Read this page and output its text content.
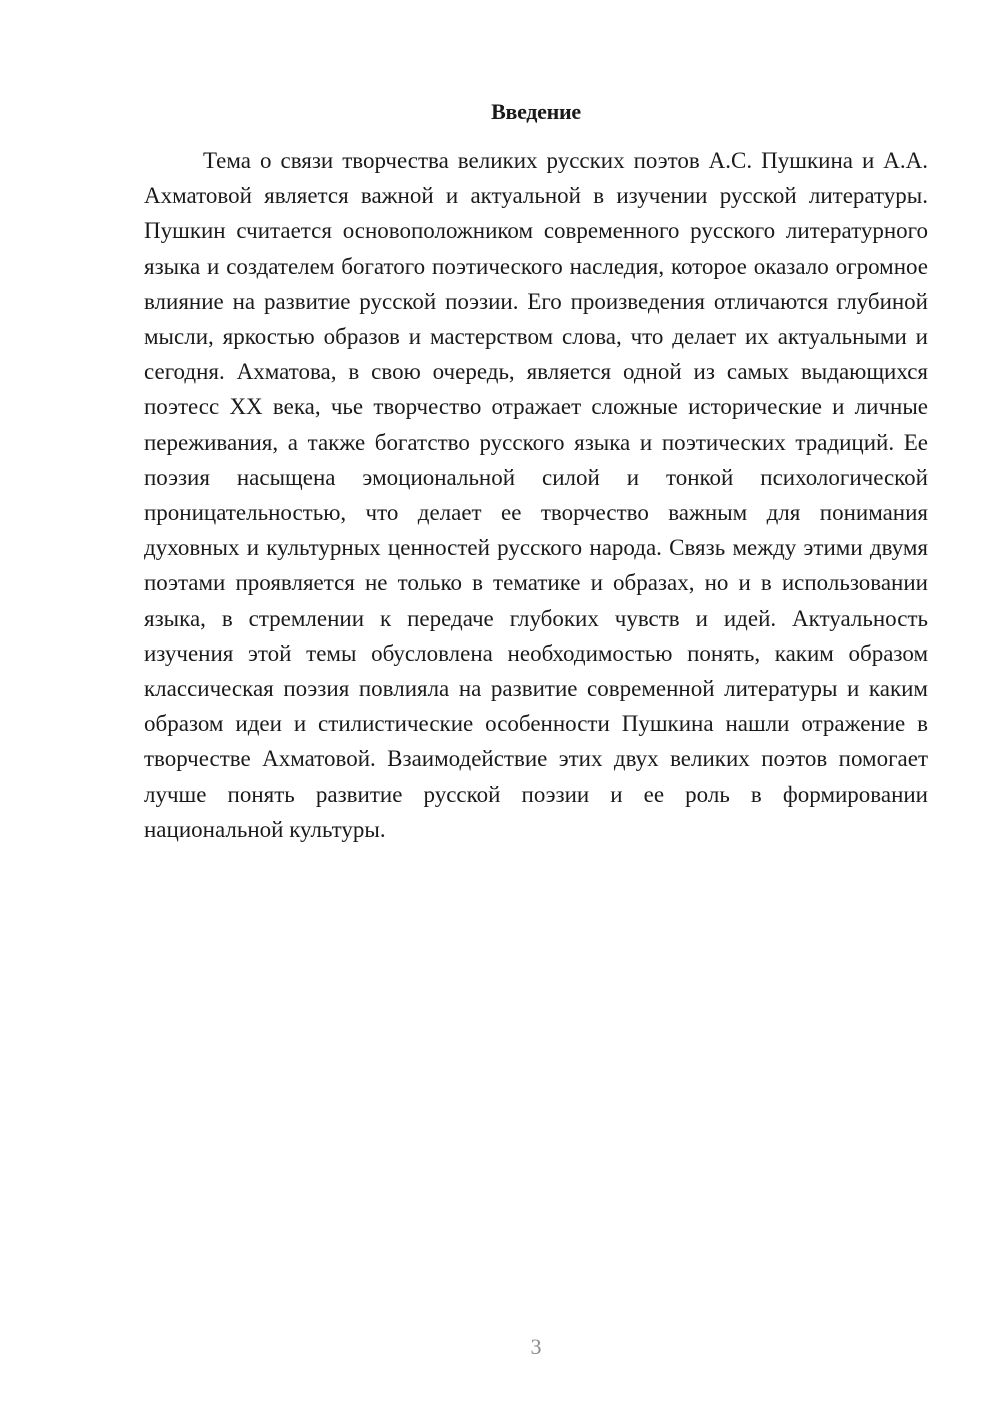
Введение

Тема о связи творчества великих русских поэтов А.С. Пушкина и А.А. Ахматовой является важной и актуальной в изучении русской литературы. Пушкин считается основоположником современного русского литературного языка и создателем богатого поэтического наследия, которое оказало огромное влияние на развитие русской поэзии. Его произведения отличаются глубиной мысли, яркостью образов и мастерством слова, что делает их актуальными и сегодня. Ахматова, в свою очередь, является одной из самых выдающихся поэтесс XX века, чье творчество отражает сложные исторические и личные переживания, а также богатство русского языка и поэтических традиций. Ее поэзия насыщена эмоциональной силой и тонкой психологической проницательностью, что делает ее творчество важным для понимания духовных и культурных ценностей русского народа. Связь между этими двумя поэтами проявляется не только в тематике и образах, но и в использовании языка, в стремлении к передаче глубоких чувств и идей. Актуальность изучения этой темы обусловлена необходимостью понять, каким образом классическая поэзия повлияла на развитие современной литературы и каким образом идеи и стилистические особенности Пушкина нашли отражение в творчестве Ахматовой. Взаимодействие этих двух великих поэтов помогает лучше понять развитие русской поэзии и ее роль в формировании национальной культуры.

3
